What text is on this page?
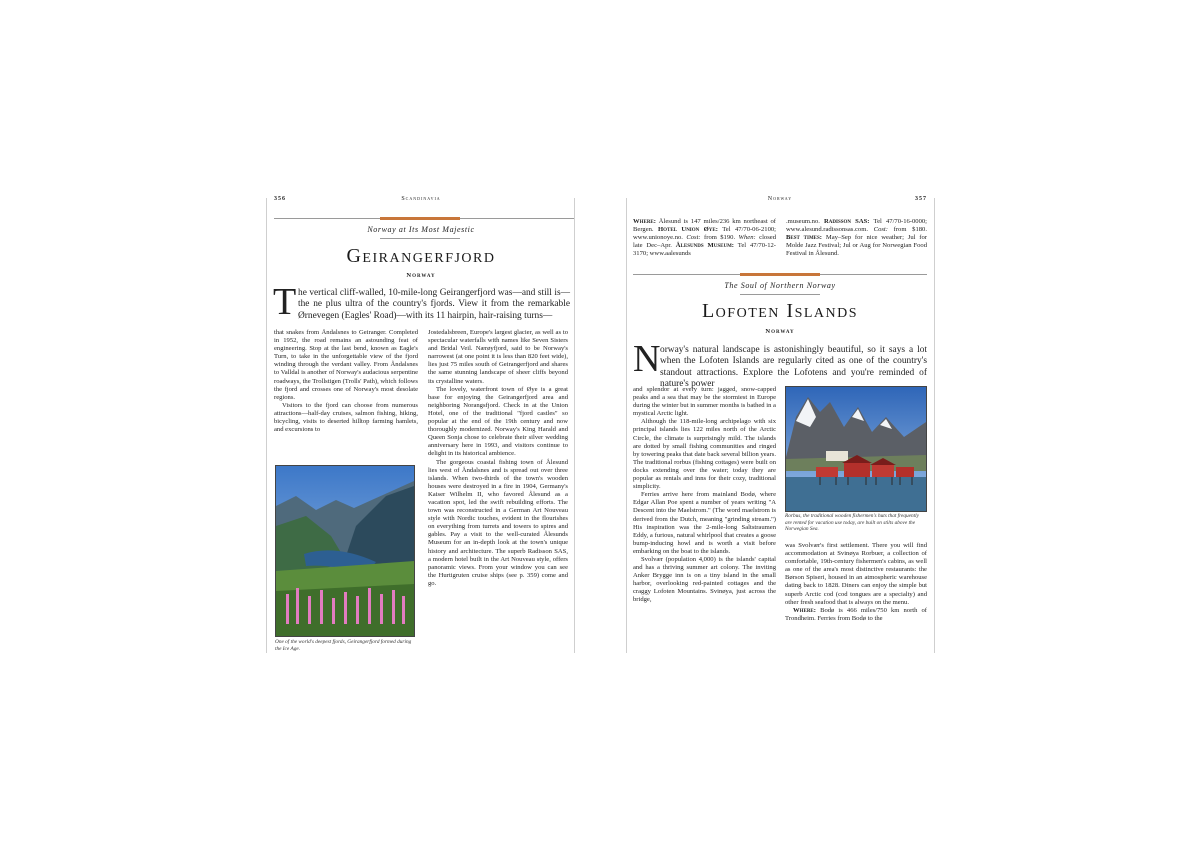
356	Scandinavia
Norway at Its Most Majestic
Geirangerfjord
Norway
T he vertical cliff-walled, 10-mile-long Geirangerfjord was—and still is—the ne plus ultra of the country's fjords. View it from the remarkable Ørnevegen (Eagles' Road)—with its 11 hairpin, hair-raising turns—

that snakes from Åndalsnes to Geiranger. Completed in 1952, the road remains an astounding feat of engineering. Stop at the last bend, known as Eagle's Turn, to take in the unforgettable view of the fjord winding through the verdant valley. From Åndalsnes to Valldal is another of Norway's audacious serpentine roadways, the Trollstigen (Trolls' Path), which follows the fjord and crosses one of Norway's most desolate regions.

Visitors to the fjord can choose from numerous attractions—half-day cruises, salmon fishing, hiking, bicycling, visits to deserted hilltop farming hamlets, and excursions to

One of the world's deepest fjords, Geirangerfjord formed during the Ice Age.

Jostedalsbreen, Europe's largest glacier, as well as to spectacular waterfalls with names like Seven Sisters and Bridal Veil. Nærøyfjord, said to be Norway's narrowest (at one point it is less than 820 feet wide), lies just 75 miles south of Geirangerfjord and shares the same stunning landscape of sheer cliffs beyond its crystalline waters.

The lovely, waterfront town of Øye is a great base for enjoying the Geirangerfjord area and neighboring Norangsfjord. Check in at the Union Hotel, one of the traditional "fjord castles" so popular at the end of the 19th century and now thoroughly modernized. Norway's King Harald and Queen Sonja chose to celebrate their silver wedding anniversary here in 1993, and visitors continue to delight in its historical ambience.

The gorgeous coastal fishing town of Ålesund lies west of Åndalsnes and is spread out over three islands. When two-thirds of the town's wooden houses were destroyed in a fire in 1904, Germany's Kaiser Wilhelm II, who favored Ålesund as a vacation spot, led the swift rebuilding efforts. The town was reconstructed in a German Art Nouveau style with Nordic touches, evident in the flourishes on everything from turrets and towers to spires and gables. Pay a visit to the well-curated Ålesunds Museum for an in-depth look at the town's unique history and architecture. The superb Radisson SAS, a modern hotel built in the Art Nouveau style, offers panoramic views. From your window you can see the Hurtigruten cruise ships (see p. 359) come and go.

Norway	357

Where: Ålesund is 147 miles/236 km northeast of Bergen. Hotel Union Øye: Tel 47/70-06-2100; www.unionoye.no. Cost: from $190. When: closed late Dec–Apr. Ålesunds Museum: Tel 47/70-12-3170; www.aalesunds

.museum.no. Radisson SAS: Tel 47/70-16-0000; www.alesund.radissonsas.com. Cost: from $180. Best times: May–Sep for nice weather; Jul for Molde Jazz Festival; Jul or Aug for Norwegian Food Festival in Ålesund.

The Soul of Northern Norway
Lofoten Islands
Norway
N orway's natural landscape is astonishingly beautiful, so it says a lot when the Lofoten Islands are regularly cited as one of the country's standout attractions. Explore the Lofotens and you're reminded of nature's power

and splendor at every turn: jagged, snow-capped peaks and a sea that may be the stormiest in Europe during the winter but in summer months is bathed in a mystical Arctic light.

Although the 118-mile-long archipelago with six principal islands lies 122 miles north of the Arctic Circle, the climate is surprisingly mild. The islands are dotted by small fishing communities and ringed by towering peaks that date back several billion years. The traditional rorbus (fishing cottages) were built on docks extending over the water; today they are popular as rentals and inns for their cozy, traditional simplicity.

Ferries arrive here from mainland Bodø, where Edgar Allan Poe spent a number of years writing "A Descent into the Maelstrom." (The word maelstrom is derived from the Dutch, meaning "grinding stream.") His inspiration was the 2-mile-long Saltstraumen Eddy, a furious, natural whirlpool that creates a goose bump-inducing howl and is worth a visit before embarking on the boat to the islands.

Svolvær (population 4,000) is the islands' capital and has a thriving summer art colony. The inviting Anker Brygge inn is on a tiny island in the small harbor, overlooking red-painted cottages and the craggy Lofoten Mountains. Svinøya, just across the bridge,

Rorbus, the traditional wooden fishermen's huts that frequently are rented for vacation use today, are built on stilts above the Norwegian Sea.

was Svolvær's first settlement. There you will find accommodation at Svinøya Rorbuer, a collection of comfortable, 19th-century fishermen's cabins, as well as one of the area's most distinctive restaurants: the Børson Spiseri, housed in an atmospheric warehouse dating back to 1828. Diners can enjoy the simple but superb Arctic cod (cod tongues are a specialty) and other fresh seafood that is always on the menu.

Where: Bodø is 466 miles/750 km north of Trondheim. Ferries from Bodø to the
